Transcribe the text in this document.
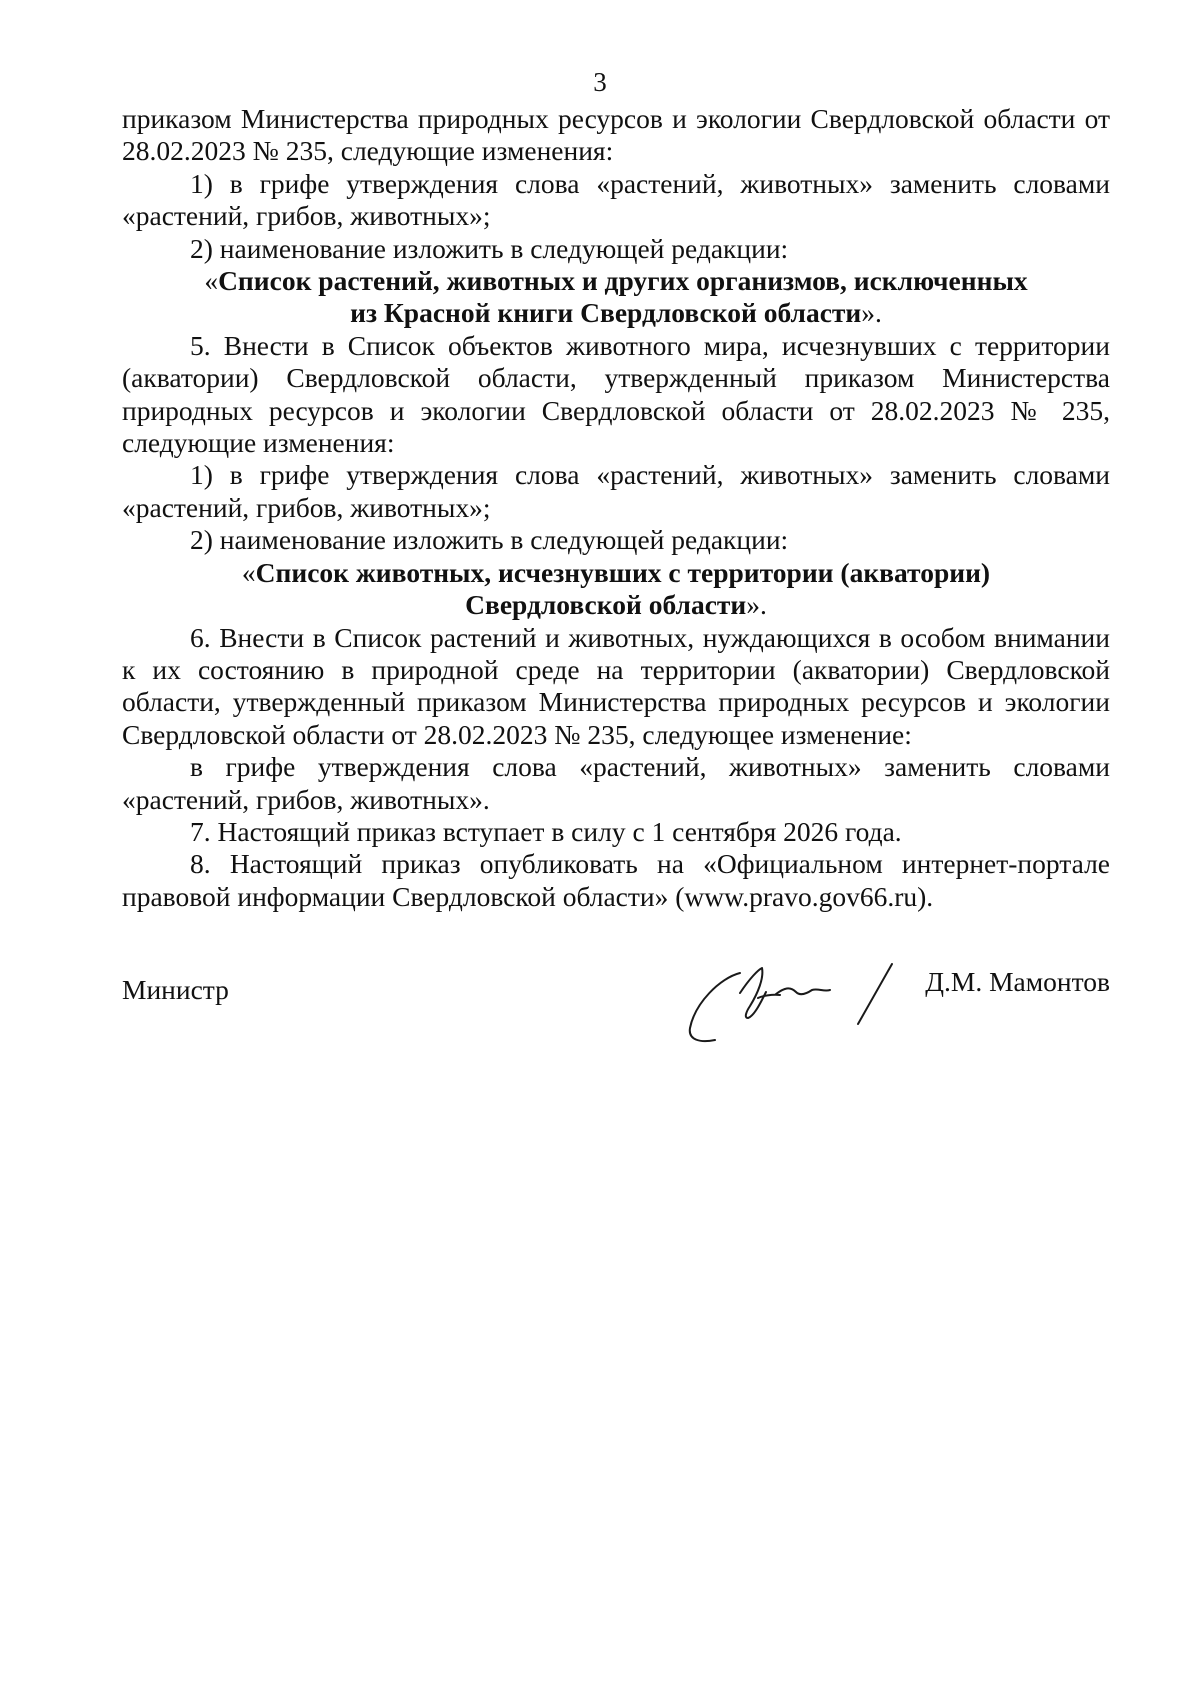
3

приказом Министерства природных ресурсов и экологии Свердловской области от 28.02.2023 № 235, следующие изменения:

1) в грифе утверждения слова «растений, животных» заменить словами «растений, грибов, животных»;

2) наименование изложить в следующей редакции:

«Список растений, животных и других организмов, исключенных
из Красной книги Свердловской области».

5. Внести в Список объектов животного мира, исчезнувших с территории (акватории) Свердловской области, утвержденный приказом Министерства природных ресурсов и экологии Свердловской области от 28.02.2023 № 235, следующие изменения:

1) в грифе утверждения слова «растений, животных» заменить словами «растений, грибов, животных»;

2) наименование изложить в следующей редакции:

«Список животных, исчезнувших с территории (акватории)
Свердловской области».

6. Внести в Список растений и животных, нуждающихся в особом внимании к их состоянию в природной среде на территории (акватории) Свердловской области, утвержденный приказом Министерства природных ресурсов и экологии Свердловской области от 28.02.2023 № 235, следующее изменение:

в грифе утверждения слова «растений, животных» заменить словами «растений, грибов, животных».

7. Настоящий приказ вступает в силу с 1 сентября 2026 года.

8. Настоящий приказ опубликовать на «Официальном интернет-портале правовой информации Свердловской области» (www.pravo.gov66.ru).

Министр	Д.М. Мамонтов
